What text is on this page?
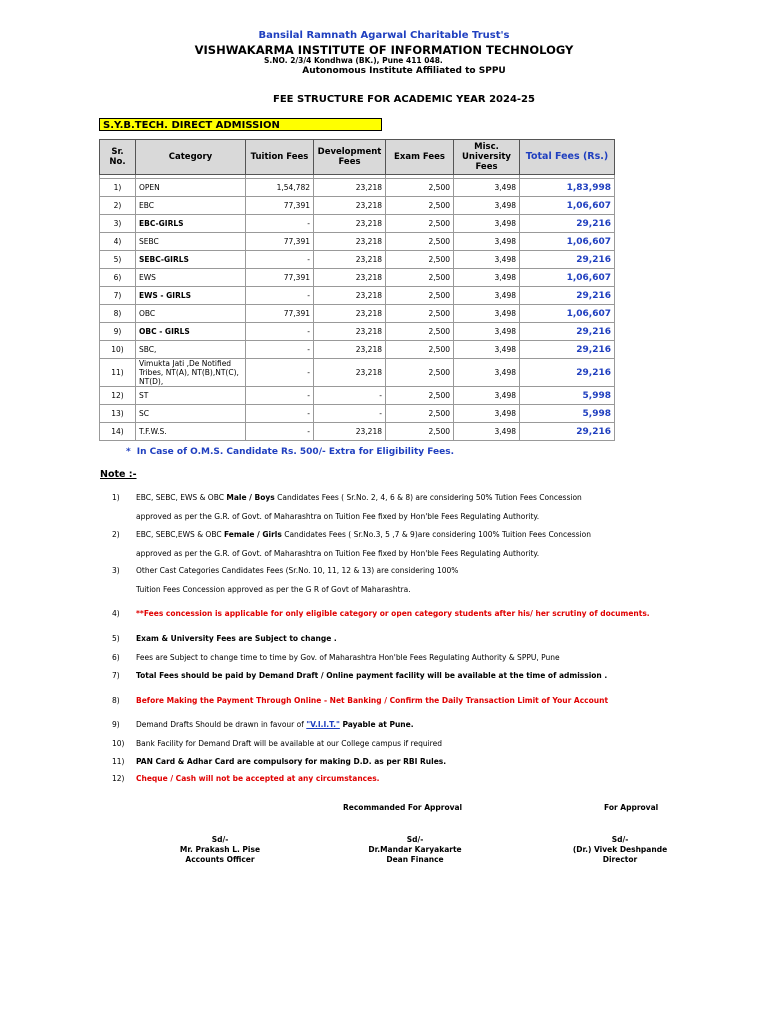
Bansilal Ramnath Agarwal Charitable Trust's
VISHWAKARMA INSTITUTE OF INFORMATION TECHNOLOGY
S.NO. 2/3/4 Kondhwa (BK.), Pune 411 048.
Autonomous Institute Affiliated to SPPU
FEE STRUCTURE FOR ACADEMIC YEAR 2024-25
S.Y.B.TECH. DIRECT ADMISSION
Sr. No.	Category	Tuition Fees	Development Fees	Exam Fees	Misc. University Fees	Total Fees (Rs.)

1)	OPEN	1,54,782	23,218	2,500	3,498	1,83,998
2)	EBC	77,391	23,218	2,500	3,498	1,06,607
3)	EBC-GIRLS	-	23,218	2,500	3,498	29,216
4)	SEBC	77,391	23,218	2,500	3,498	1,06,607
5)	SEBC-GIRLS	-	23,218	2,500	3,498	29,216
6)	EWS	77,391	23,218	2,500	3,498	1,06,607
7)	EWS - GIRLS	-	23,218	2,500	3,498	29,216
8)	OBC	77,391	23,218	2,500	3,498	1,06,607
9)	OBC - GIRLS	-	23,218	2,500	3,498	29,216
10)	SBC,	-	23,218	2,500	3,498	29,216
11)	Vimukta Jati ,De Notified Tribes, NT(A), NT(B),NT(C), NT(D),	-	23,218	2,500	3,498	29,216
12)	ST	-	-	2,500	3,498	5,998
13)	SC	-	-	2,500	3,498	5,998
14)	T.F.W.S.	-	23,218	2,500	3,498	29,216
* In Case of O.M.S. Candidate Rs. 500/- Extra for Eligibility Fees.
Note :-
1)	EBC, SEBC, EWS & OBC Male / Boys Candidates Fees ( Sr.No. 2, 4, 6 & 8) are considering 50% Tution Fees Concession
approved as per the G.R. of Govt. of Maharashtra on Tuition Fee fixed by Hon'ble Fees Regulating Authority.
2)	EBC, SEBC,EWS & OBC Female / Girls Candidates Fees ( Sr.No.3, 5 ,7 & 9)are considering 100% Tuition Fees Concession
approved as per the G.R. of Govt. of Maharashtra on Tuition Fee fixed by Hon'ble Fees Regulating Authority.
3)	Other Cast Categories Candidates Fees (Sr.No. 10, 11, 12 & 13) are considering 100%
Tuition Fees Concession approved as per the G R of Govt of Maharashtra.
4)	**Fees concession is applicable for only eligible category or open category students after his/ her scrutiny of documents.
5)	Exam & University Fees are Subject to change .
6)	Fees are Subject to change time to time by Gov. of Maharashtra Hon'ble Fees Regulating Authority & SPPU, Pune
7)	Total Fees should be paid by Demand Draft / Online payment facility will be available at the time of admission .
8)	Before Making the Payment Through Online - Net Banking / Confirm the Daily Transaction Limit of Your Account
9)	Demand Drafts Should be drawn in favour of "V.I.I.T." Payable at Pune.
10) Bank Facility for Demand Draft will be available at our College campus if required
11) PAN Card & Adhar Card are compulsory for making D.D. as per RBI Rules.
12) Cheque / Cash will not be accepted at any circumstances.
Recommanded For Approval	For Approval
Sd/-
Mr. Prakash L. Pise
Accounts Officer
Sd/-
Dr.Mandar Karyakarte
Dean Finance
Sd/-
(Dr.) Vivek Deshpande
Director
